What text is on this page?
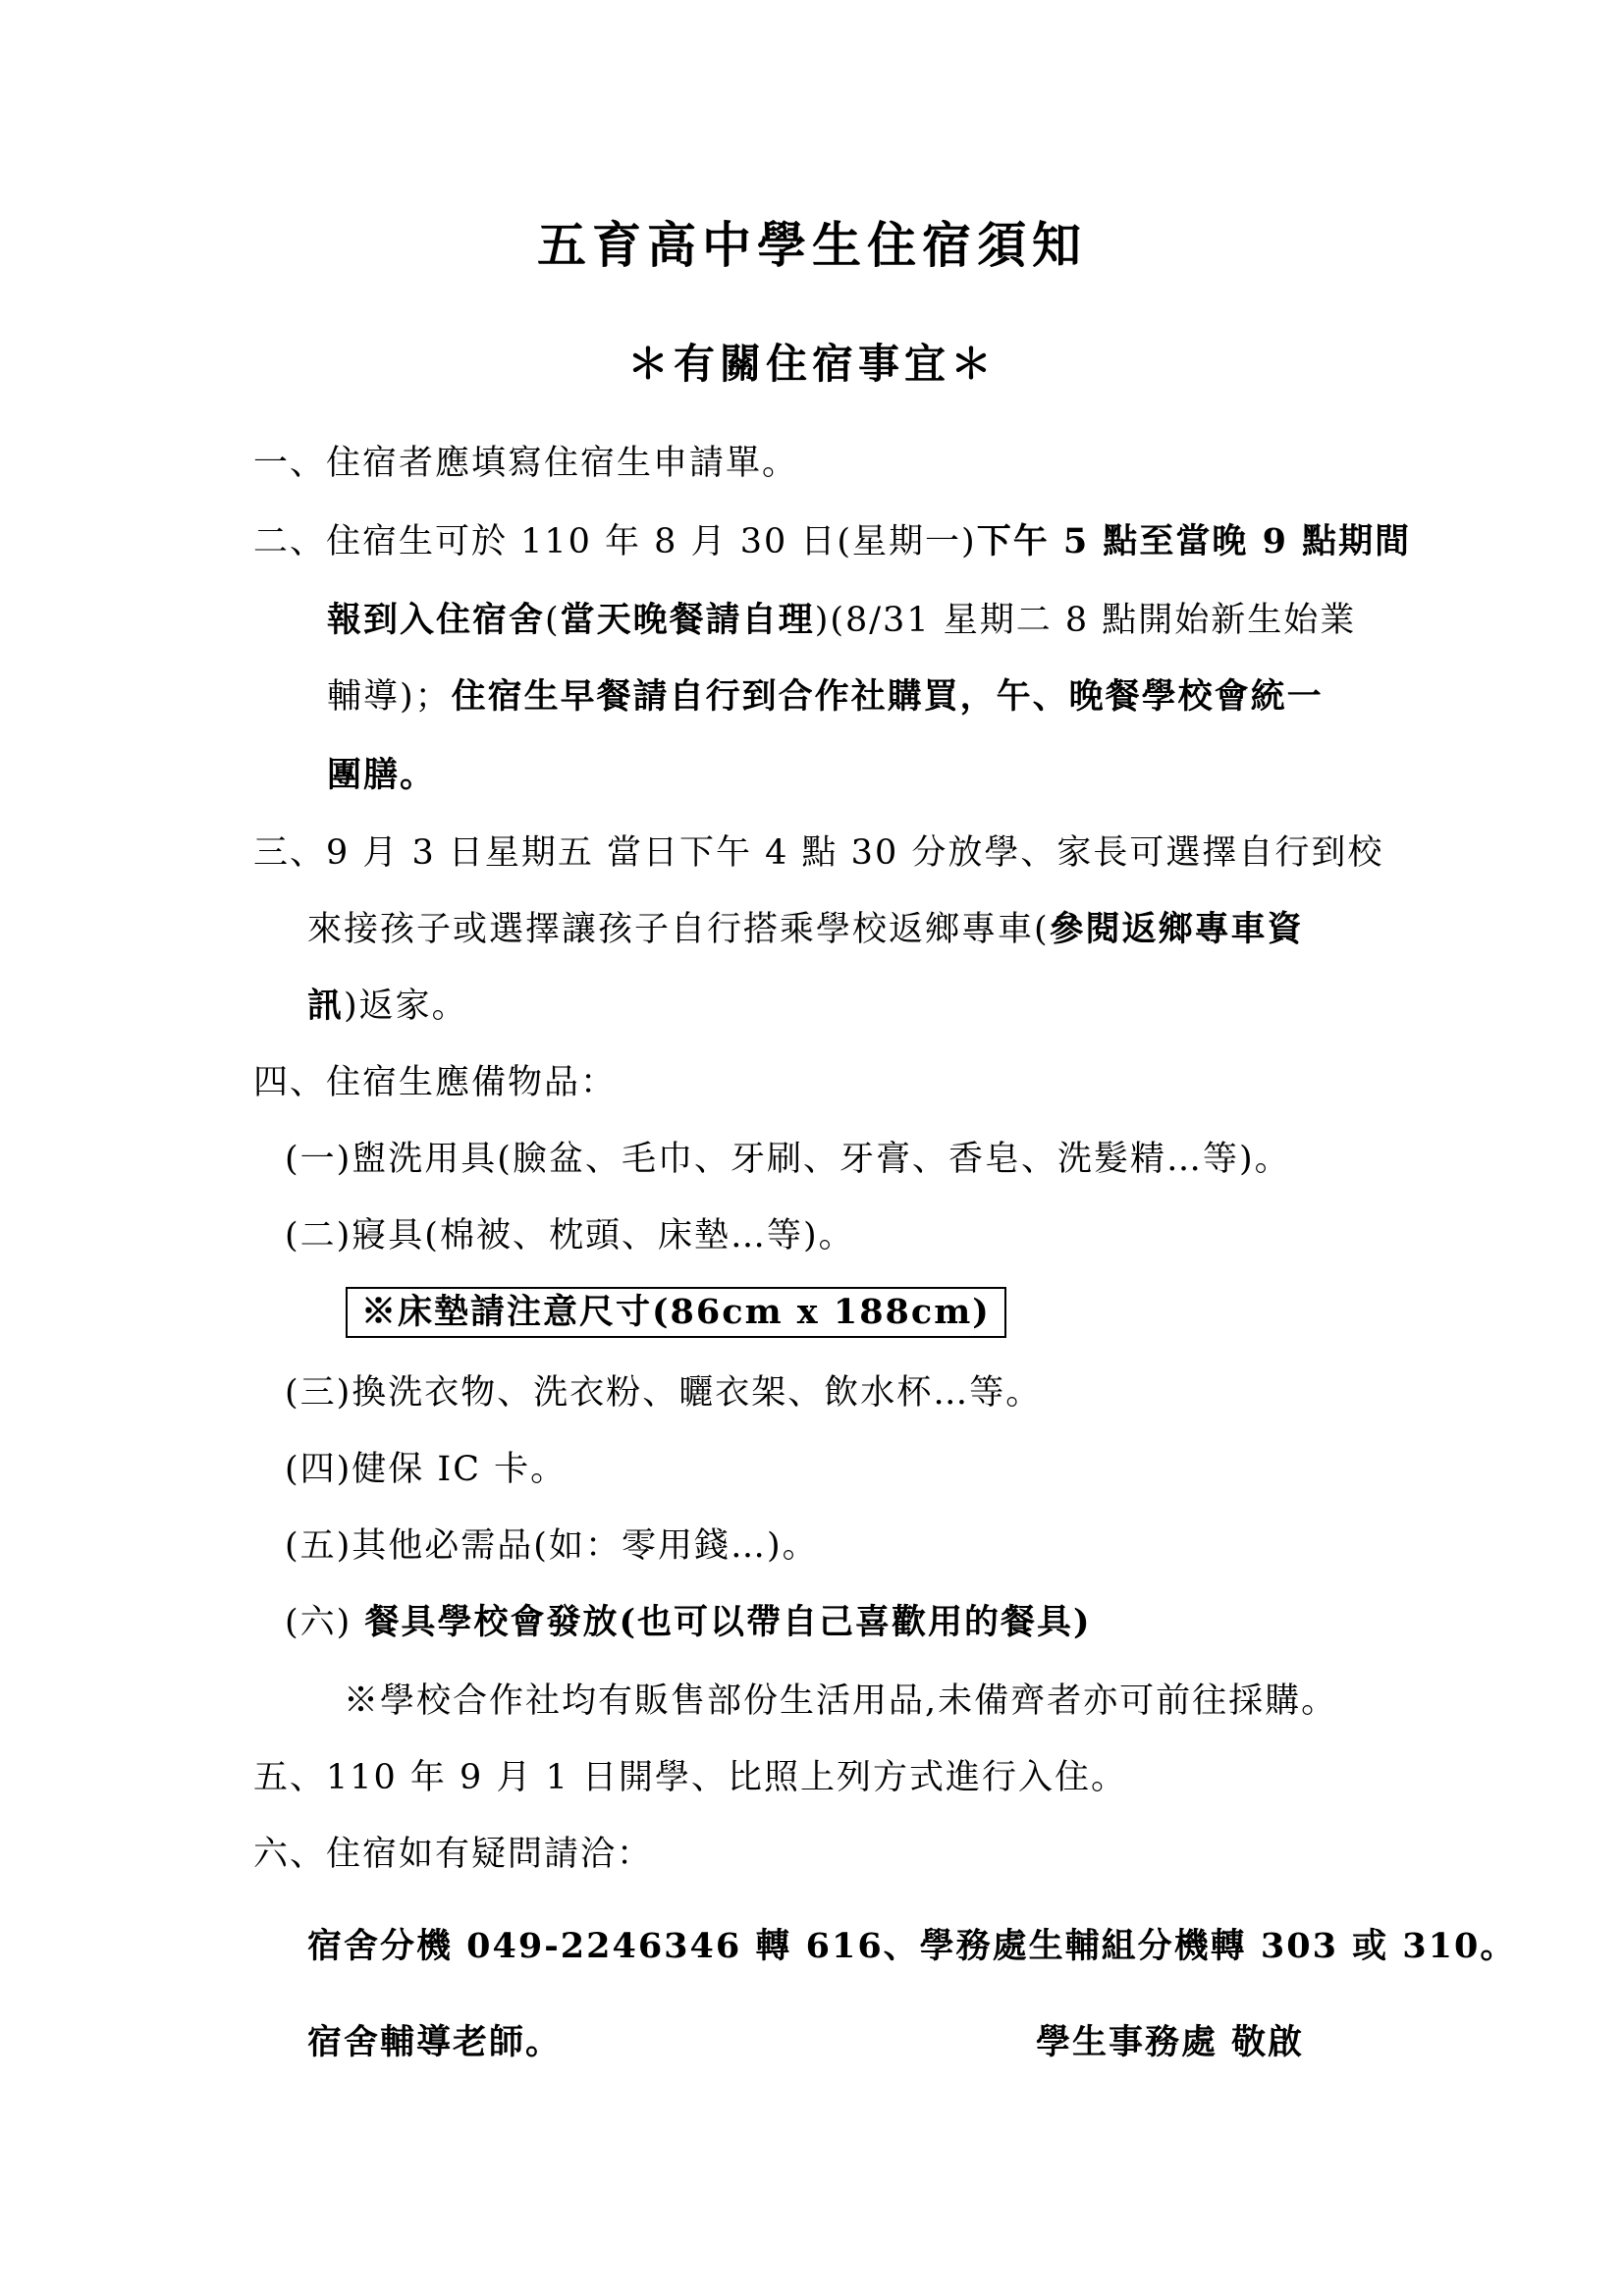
五育高中學生住宿須知
＊有關住宿事宜＊
一、住宿者應填寫住宿生申請單。
二、住宿生可於 110 年 8 月 30 日(星期一)下午 5 點至當晚 9 點期間
報到入住宿舍(當天晚餐請自理)(8/31 星期二 8 點開始新生始業
輔導)；住宿生早餐請自行到合作社購買，午、晚餐學校會統一
團膳。
三、9 月 3 日星期五 當日下午 4 點 30 分放學、家長可選擇自行到校
來接孩子或選擇讓孩子自行搭乘學校返鄉專車(參閱返鄉專車資
訊)返家。
四、住宿生應備物品：
(一)盥洗用具(臉盆、毛巾、牙刷、牙膏、香皂、洗髮精…等)。
(二)寢具(棉被、枕頭、床墊…等)。
※床墊請注意尺寸(86cm x 188cm)
(三)換洗衣物、洗衣粉、曬衣架、飲水杯…等。
(四)健保 IC 卡。
(五)其他必需品(如：零用錢…)。
(六) 餐具學校會發放(也可以帶自己喜歡用的餐具)
※學校合作社均有販售部份生活用品,未備齊者亦可前往採購。
五、110 年 9 月 1 日開學、比照上列方式進行入住。
六、住宿如有疑問請洽：
宿舍分機 049-2246346 轉 616、學務處生輔組分機轉 303 或 310。
宿舍輔導老師。	學生事務處 敬啟
